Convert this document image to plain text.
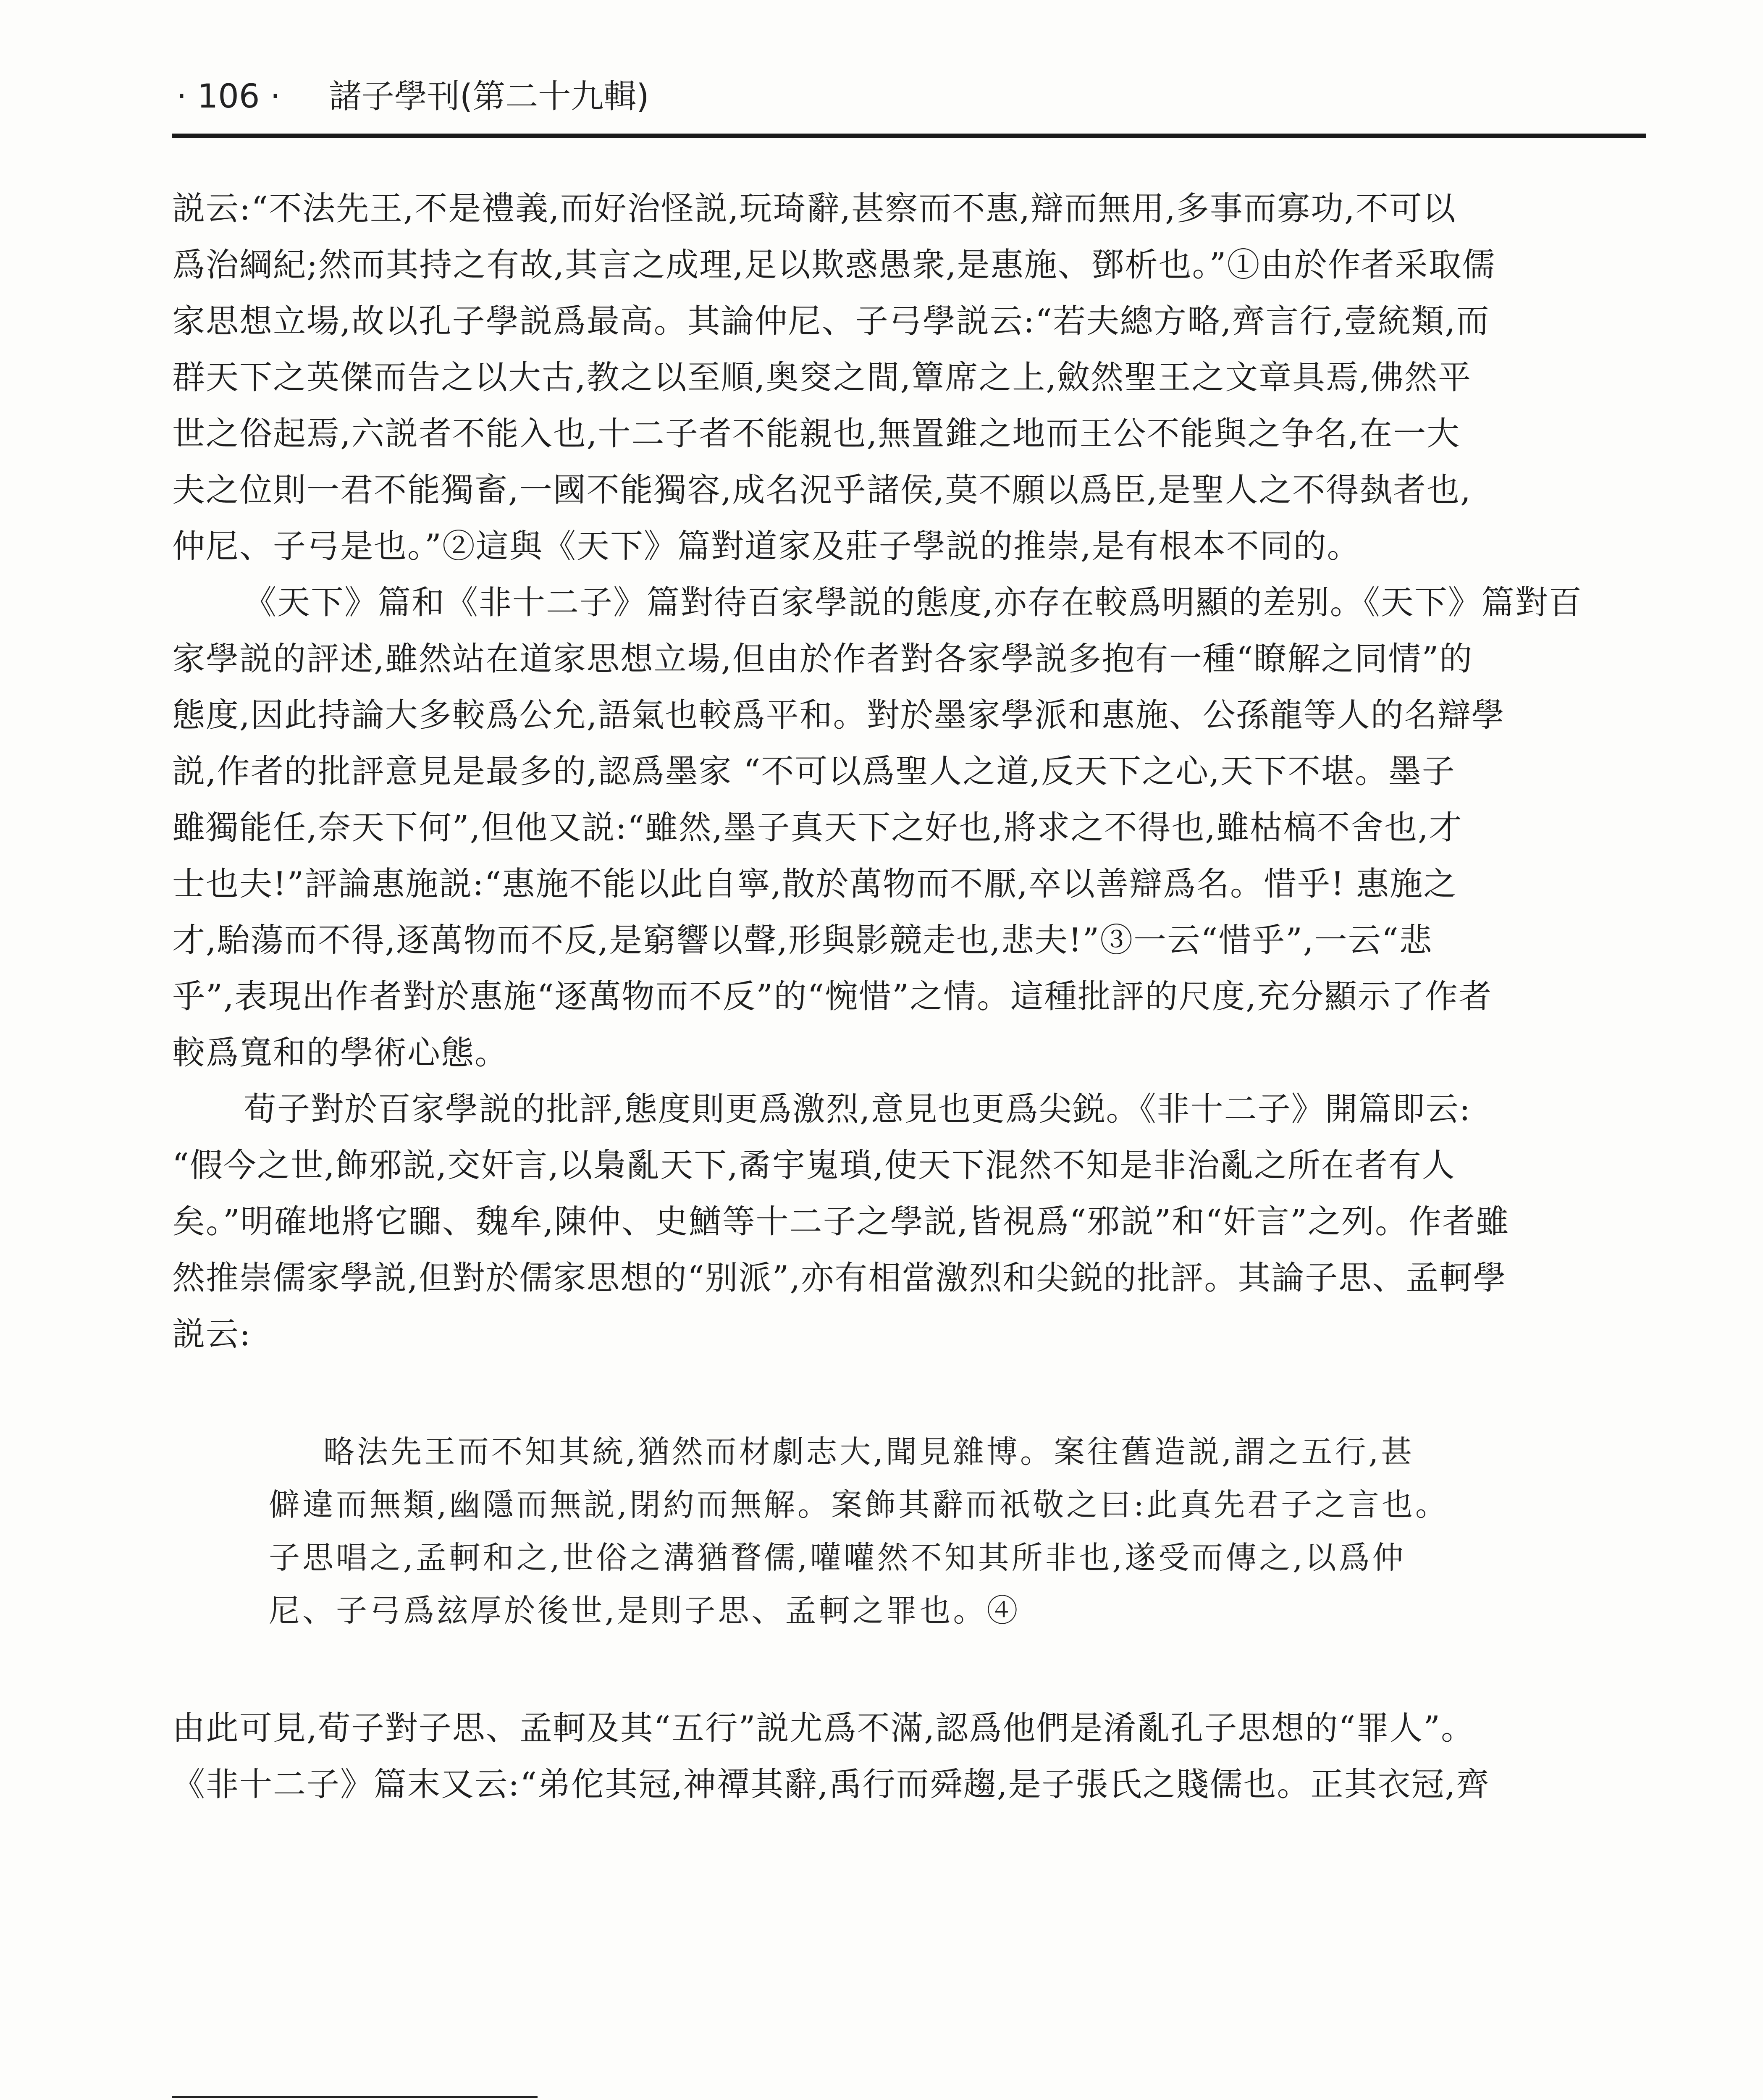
· 106 · 諸子學刊(第二十九輯)

説云:“不法先王,不是禮義,而好治怪説,玩琦辭,甚察而不惠,辯而無用,多事而寡功,不可以
爲治綱紀;然而其持之有故,其言之成理,足以欺惑愚衆,是惠施、鄧析也。”①由於作者采取儒
家思想立場,故以孔子學説爲最高。其論仲尼、子弓學説云:“若夫總方略,齊言行,壹統類,而
群天下之英傑而告之以大古,教之以至順,奥窔之間,簟席之上,斂然聖王之文章具焉,佛然平
世之俗起焉,六説者不能入也,十二子者不能親也,無置錐之地而王公不能與之争名,在一大
夫之位則一君不能獨畜,一國不能獨容,成名況乎諸侯,莫不願以爲臣,是聖人之不得埶者也,
仲尼、子弓是也。”②這與《天下》篇對道家及莊子學説的推崇,是有根本不同的。

《天下》篇和《非十二子》篇對待百家學説的態度,亦存在較爲明顯的差别。《天下》篇對百
家學説的評述,雖然站在道家思想立場,但由於作者對各家學説多抱有一種“瞭解之同情”的
態度,因此持論大多較爲公允,語氣也較爲平和。對於墨家學派和惠施、公孫龍等人的名辯學
説,作者的批評意見是最多的,認爲墨家 “不可以爲聖人之道,反天下之心,天下不堪。墨子
雖獨能任,奈天下何”,但他又説:“雖然,墨子真天下之好也,將求之不得也,雖枯槁不舍也,才
士也夫!”評論惠施説:“惠施不能以此自寧,散於萬物而不厭,卒以善辯爲名。惜乎! 惠施之
才,駘蕩而不得,逐萬物而不反,是窮響以聲,形與影競走也,悲夫!”③一云“惜乎”,一云“悲
乎”,表現出作者對於惠施“逐萬物而不反”的“惋惜”之情。這種批評的尺度,充分顯示了作者
較爲寬和的學術心態。

荀子對於百家學説的批評,態度則更爲激烈,意見也更爲尖鋭。《非十二子》開篇即云:
“假今之世,飾邪説,交奸言,以梟亂天下,矞宇嵬瑣,使天下混然不知是非治亂之所在者有人
矣。”明確地將它嚻、魏牟,陳仲、史鰌等十二子之學説,皆視爲“邪説”和“奸言”之列。作者雖
然推崇儒家學説,但對於儒家思想的“别派”,亦有相當激烈和尖鋭的批評。其論子思、孟軻學
説云:

略法先王而不知其統,猶然而材劇志大,聞見雜博。案往舊造説,謂之五行,甚
僻違而無類,幽隱而無説,閉約而無解。案飾其辭而祇敬之曰:此真先君子之言也。
子思唱之,孟軻和之,世俗之溝猶瞀儒,嚾嚾然不知其所非也,遂受而傳之,以爲仲
尼、子弓爲玆厚於後世,是則子思、孟軻之罪也。④

由此可見,荀子對子思、孟軻及其“五行”説尤爲不滿,認爲他們是淆亂孔子思想的“罪人”。
《非十二子》篇末又云:“弟佗其冠,神禫其辭,禹行而舜趨,是子張氏之賤儒也。正其衣冠,齊
